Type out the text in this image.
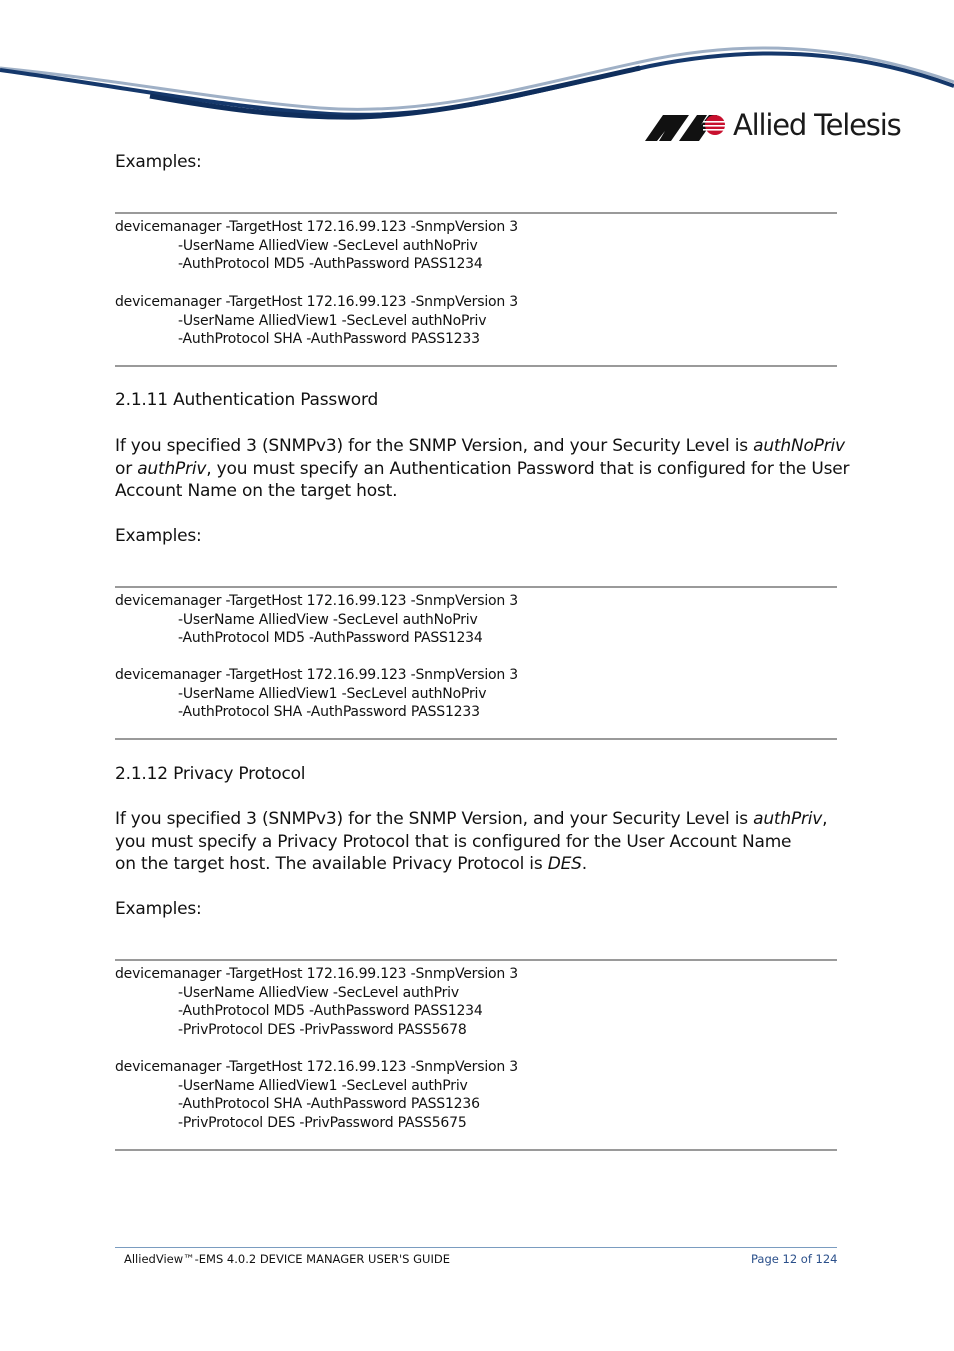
Allied Telesis
Examples:
devicemanager -TargetHost 172.16.99.123 -SnmpVersion 3
-UserName AlliedView -SecLevel authNoPriv
-AuthProtocol MD5 -AuthPassword PASS1234
devicemanager -TargetHost 172.16.99.123 -SnmpVersion 3
-UserName AlliedView1 -SecLevel authNoPriv
-AuthProtocol SHA -AuthPassword PASS1233
2.1.11 Authentication Password
If you specified 3 (SNMPv3) for the SNMP Version, and your Security Level is authNoPriv
or authPriv, you must specify an Authentication Password that is configured for the User
Account Name on the target host.
Examples:
devicemanager -TargetHost 172.16.99.123 -SnmpVersion 3
-UserName AlliedView -SecLevel authNoPriv
-AuthProtocol MD5 -AuthPassword PASS1234
devicemanager -TargetHost 172.16.99.123 -SnmpVersion 3
-UserName AlliedView1 -SecLevel authNoPriv
-AuthProtocol SHA -AuthPassword PASS1233
2.1.12 Privacy Protocol
If you specified 3 (SNMPv3) for the SNMP Version, and your Security Level is authPriv,
you must specify a Privacy Protocol that is configured for the User Account Name
on the target host. The available Privacy Protocol is DES.
Examples:
devicemanager -TargetHost 172.16.99.123 -SnmpVersion 3
-UserName AlliedView -SecLevel authPriv
-AuthProtocol MD5 -AuthPassword PASS1234
-PrivProtocol DES -PrivPassword PASS5678
devicemanager -TargetHost 172.16.99.123 -SnmpVersion 3
-UserName AlliedView1 -SecLevel authPriv
-AuthProtocol SHA -AuthPassword PASS1236
-PrivProtocol DES -PrivPassword PASS5675
AlliedView™-EMS 4.0.2 DEVICE MANAGER USER'S GUIDE	Page 12 of 124
